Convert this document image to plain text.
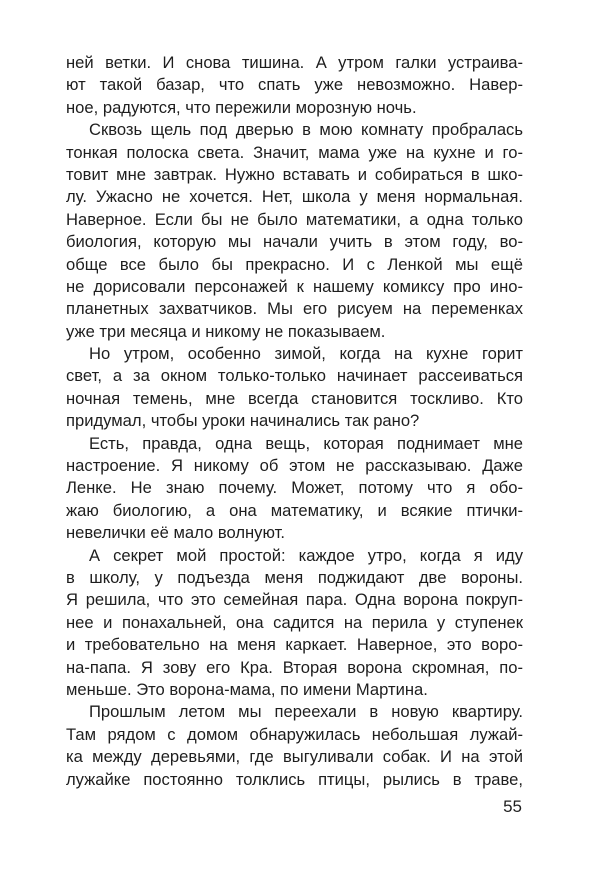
ней ветки. И снова тишина. А утром галки устраива-
ют такой базар, что спать уже невозможно. Навер-
ное, радуются, что пережили морозную ночь.
Сквозь щель под дверью в мою комнату пробралась
тонкая полоска света. Значит, мама уже на кухне и го-
товит мне завтрак. Нужно вставать и собираться в шко-
лу. Ужасно не хочется. Нет, школа у меня нормальная.
Наверное. Если бы не было математики, а одна только
биология, которую мы начали учить в этом году, во-
обще все было бы прекрасно. И с Ленкой мы ещё
не дорисовали персонажей к нашему комиксу про ино-
планетных захватчиков. Мы его рисуем на переменках
уже три месяца и никому не показываем.
Но утром, особенно зимой, когда на кухне горит
свет, а за окном только-только начинает рассеиваться
ночная темень, мне всегда становится тоскливо. Кто
придумал, чтобы уроки начинались так рано?
Есть, правда, одна вещь, которая поднимает мне
настроение. Я никому об этом не рассказываю. Даже
Ленке. Не знаю почему. Может, потому что я обо-
жаю биологию, а она математику, и всякие птички-
невелички её мало волнуют.
А секрет мой простой: каждое утро, когда я иду
в школу, у подъезда меня поджидают две вороны.
Я решила, что это семейная пара. Одна ворона покруп-
нее и понахальней, она садится на перила у ступенек
и требовательно на меня каркает. Наверное, это воро-
на-папа. Я зову его Кра. Вторая ворона скромная, по-
меньше. Это ворона-мама, по имени Мартина.
Прошлым летом мы переехали в новую квартиру.
Там рядом с домом обнаружилась небольшая лужай-
ка между деревьями, где выгуливали собак. И на этой
лужайке постоянно толклись птицы, рылись в траве,
55
